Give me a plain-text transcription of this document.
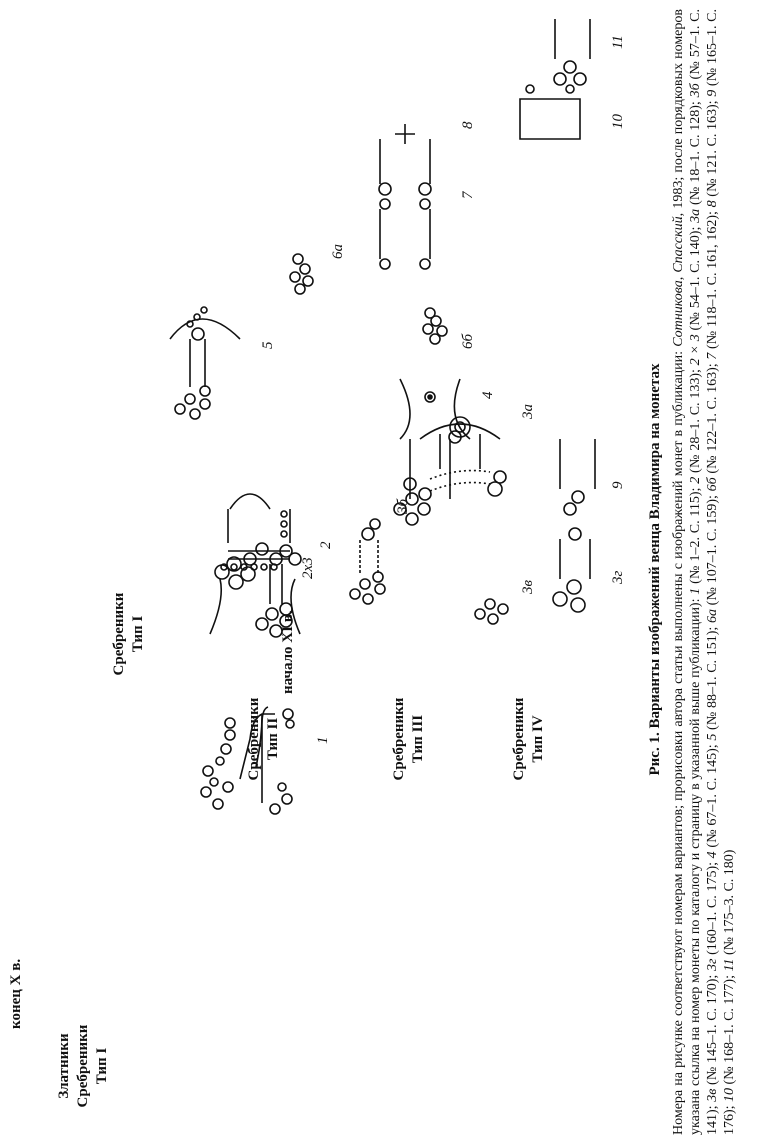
конец X в.
начало XI в.
Златники Сребреники Тип I
Сребреники Тип I
Сребреники Тип II	Сребреники Тип III	Сребреники Тип IV
1
2
3а
2х3
3б
4
5
6а
6б
7
8
3в
3г
9
10
11
Рис. 1. Варианты изображений венца Владимира на монетах Номера на рисунке соответствуют номерам вариантов; прорисовки автора статьи выполнены с изображений монет в публикации: Сотникова, Спасский, 1983; после порядковых номеров указана ссылка на номер монеты по каталогу и страницу в указанной выше публикации): 1 (№ 1–2. С. 115); 2 (№ 28–1. С. 133); 2 × 3 (№ 54–1. С. 140); 3а (№ 18–1. С. 128); 3б (№ 57–1. С. 141); 3в (№ 145–1. С. 170); 3г (160–1. С. 175); 4 (№ 67–1. С. 145); 5 (№ 88–1. С. 151); 6а (№ 107–1. С. 159); 6б (№ 122–1. С. 163); 7 (№ 118–1. С. 161, 162); 8 (№ 121. С. 163); 9 (№ 165–1. С. 176); 10 (№ 168–1. С. 177); 11 (№ 175–3. С. 180)
